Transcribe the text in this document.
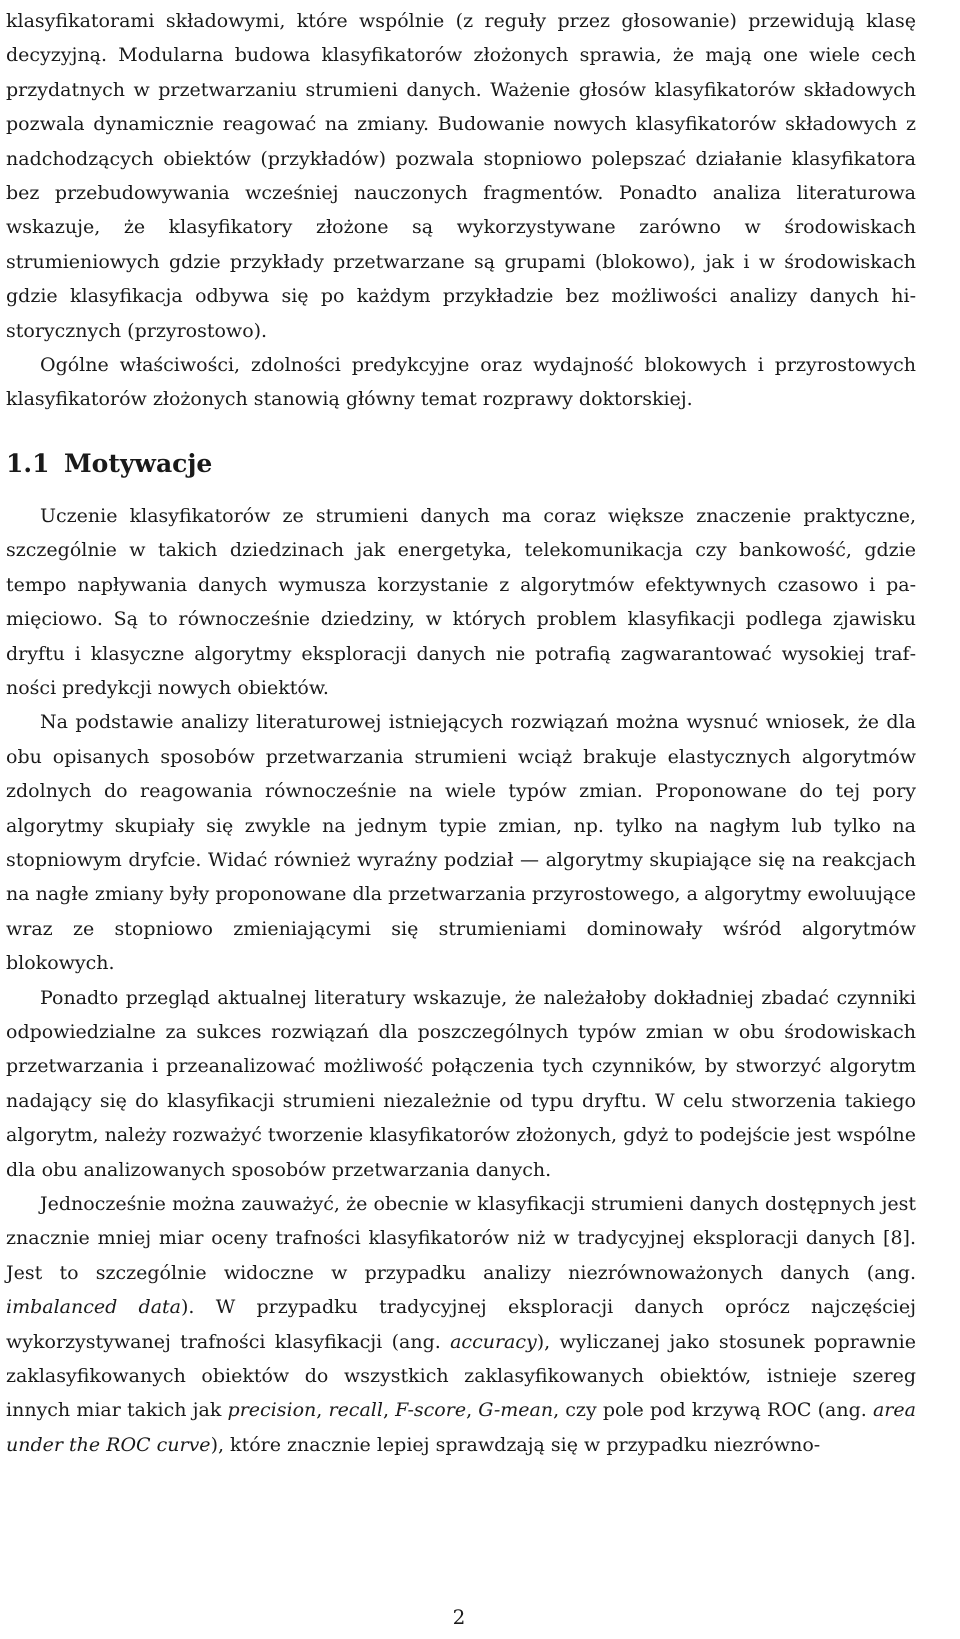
klasyfikatorami składowymi, które wspólnie (z reguły przez głosowanie) przewidują klasę decyzyjną. Modularna budowa klasyfikatorów złożonych sprawia, że mają one wiele cech przydatnych w przetwarzaniu strumieni danych. Ważenie głosów klasyfikatorów składowych pozwala dynamicznie reagować na zmiany. Budowanie nowych klasyfikatorów składowych z nadchodzących obiektów (przykładów) pozwala stopniowo polepszać działanie klasyfikatora bez przebudowywania wcześniej nauczonych fragmentów. Ponadto analiza literaturowa wskazuje, że klasyfikatory złożone są wykorzystywane zarówno w środowiskach strumieniowych gdzie przykłady przetwarzane są grupami (blokowo), jak i w środowiskach gdzie klasyfikacja odbywa się po każdym przykładzie bez możliwości analizy danych historycznych (przyrostowo).

Ogólne właściwości, zdolności predykcyjne oraz wydajność blokowych i przyrostowych klasyfikatorów złożonych stanowią główny temat rozprawy doktorskiej.

1.1 Motywacje

Uczenie klasyfikatorów ze strumieni danych ma coraz większe znaczenie praktyczne, szczególnie w takich dziedzinach jak energetyka, telekomunikacja czy bankowość, gdzie tempo napływania danych wymusza korzystanie z algorytmów efektywnych czasowo i pamięciowo. Są to równocześnie dziedziny, w których problem klasyfikacji podlega zjawisku dryftu i klasyczne algorytmy eksploracji danych nie potrafią zagwarantować wysokiej trafności predykcji nowych obiektów.

Na podstawie analizy literaturowej istniejących rozwiązań można wysnuć wniosek, że dla obu opisanych sposobów przetwarzania strumieni wciąż brakuje elastycznych algorytmów zdolnych do reagowania równocześnie na wiele typów zmian. Proponowane do tej pory algorytmy skupiały się zwykle na jednym typie zmian, np. tylko na nagłym lub tylko na stopniowym dryfcie. Widać również wyraźny podział — algorytmy skupiające się na reakcjach na nagłe zmiany były proponowane dla przetwarzania przyrostowego, a algorytmy ewoluujące wraz ze stopniowo zmieniającymi się strumieniami dominowały wśród algorytmów blokowych.

Ponadto przegląd aktualnej literatury wskazuje, że należałoby dokładniej zbadać czynniki odpowiedzialne za sukces rozwiązań dla poszczególnych typów zmian w obu środowiskach przetwarzania i przeanalizować możliwość połączenia tych czynników, by stworzyć algorytm nadający się do klasyfikacji strumieni niezależnie od typu dryftu. W celu stworzenia takiego algorytm, należy rozważyć tworzenie klasyfikatorów złożonych, gdyż to podejście jest wspólne dla obu analizowanych sposobów przetwarzania danych.

Jednocześnie można zauważyć, że obecnie w klasyfikacji strumieni danych dostępnych jest znacznie mniej miar oceny trafności klasyfikatorów niż w tradycyjnej eksploracji danych [8]. Jest to szczególnie widoczne w przypadku analizy niezrównoważonych danych (ang. imbalanced data). W przypadku tradycyjnej eksploracji danych oprócz najczęściej wykorzystywanej trafności klasyfikacji (ang. accuracy), wyliczanej jako stosunek poprawnie zaklasyfikowanych obiektów do wszystkich zaklasyfikowanych obiektów, istnieje szereg innych miar takich jak precision, recall, F-score, G-mean, czy pole pod krzywą ROC (ang. area under the ROC curve), które znacznie lepiej sprawdzają się w przypadku niezrówno-

2
